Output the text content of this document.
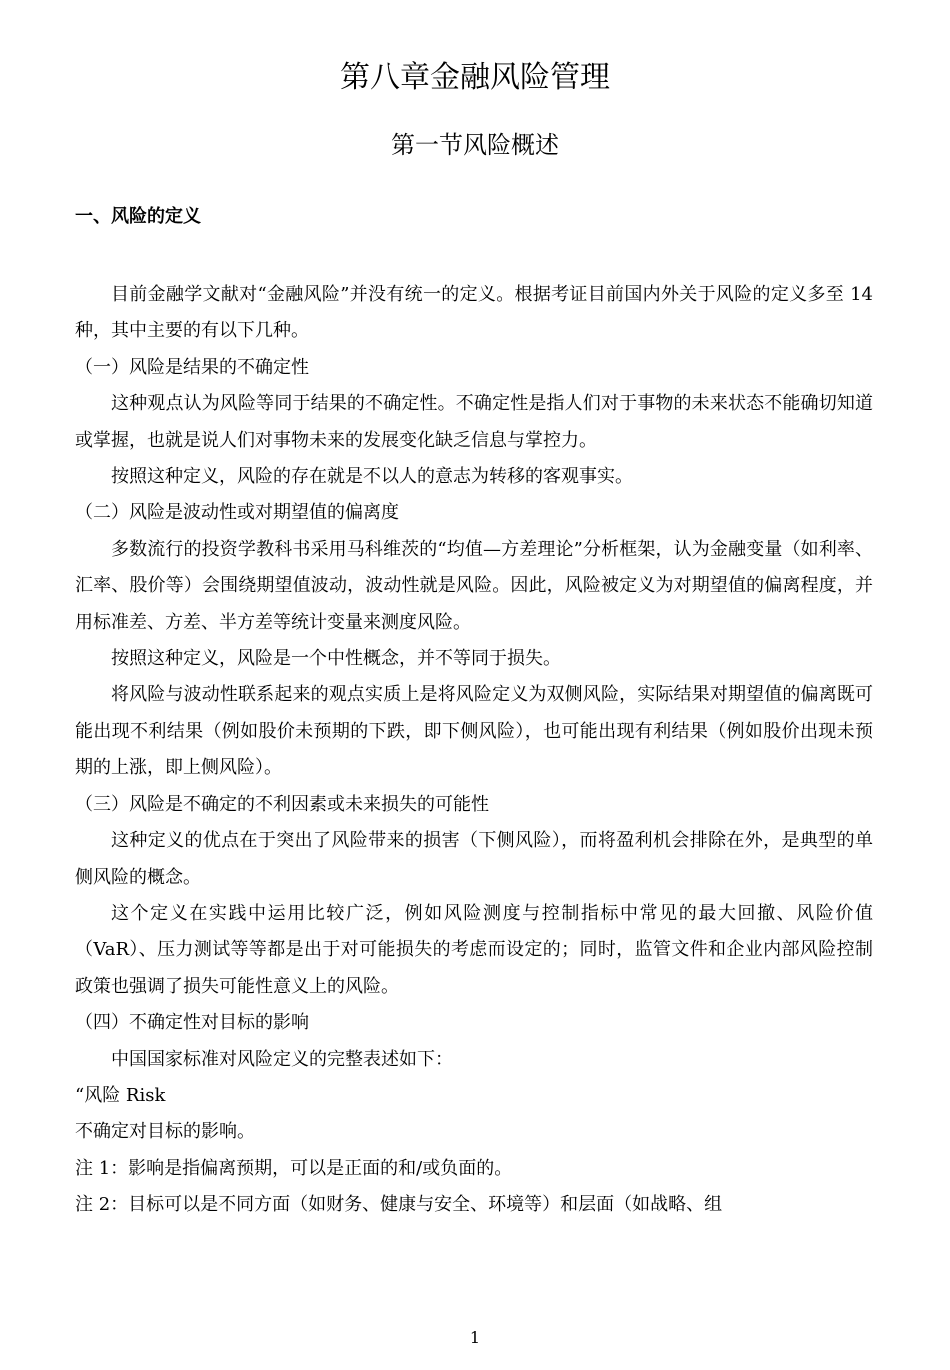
第八章金融风险管理
第一节风险概述
一、风险的定义

目前金融学文献对“金融风险”并没有统一的定义。根据考证目前国内外关于风险的定义多至 14 种，其中主要的有以下几种。

（一）风险是结果的不确定性

这种观点认为风险等同于结果的不确定性。不确定性是指人们对于事物的未来状态不能确切知道或掌握，也就是说人们对事物未来的发展变化缺乏信息与掌控力。

按照这种定义，风险的存在就是不以人的意志为转移的客观事实。

（二）风险是波动性或对期望值的偏离度

多数流行的投资学教科书采用马科维茨的“均值—方差理论”分析框架，认为金融变量（如利率、汇率、股价等）会围绕期望值波动，波动性就是风险。因此，风险被定义为对期望值的偏离程度，并用标准差、方差、半方差等统计变量来测度风险。

按照这种定义，风险是一个中性概念，并不等同于损失。

将风险与波动性联系起来的观点实质上是将风险定义为双侧风险，实际结果对期望值的偏离既可能出现不利结果（例如股价未预期的下跌，即下侧风险），也可能出现有利结果（例如股价出现未预期的上涨，即上侧风险）。

（三）风险是不确定的不利因素或未来损失的可能性

这种定义的优点在于突出了风险带来的损害（下侧风险），而将盈利机会排除在外，是典型的单侧风险的概念。

这个定义在实践中运用比较广泛，例如风险测度与控制指标中常见的最大回撤、风险价值（VaR）、压力测试等等都是出于对可能损失的考虑而设定的；同时，监管文件和企业内部风险控制政策也强调了损失可能性意义上的风险。

（四）不确定性对目标的影响

中国国家标准对风险定义的完整表述如下：

“风险 Risk

不确定对目标的影响。

注 1：影响是指偏离预期，可以是正面的和/或负面的。

注 2：目标可以是不同方面（如财务、健康与安全、环境等）和层面（如战略、组

1
